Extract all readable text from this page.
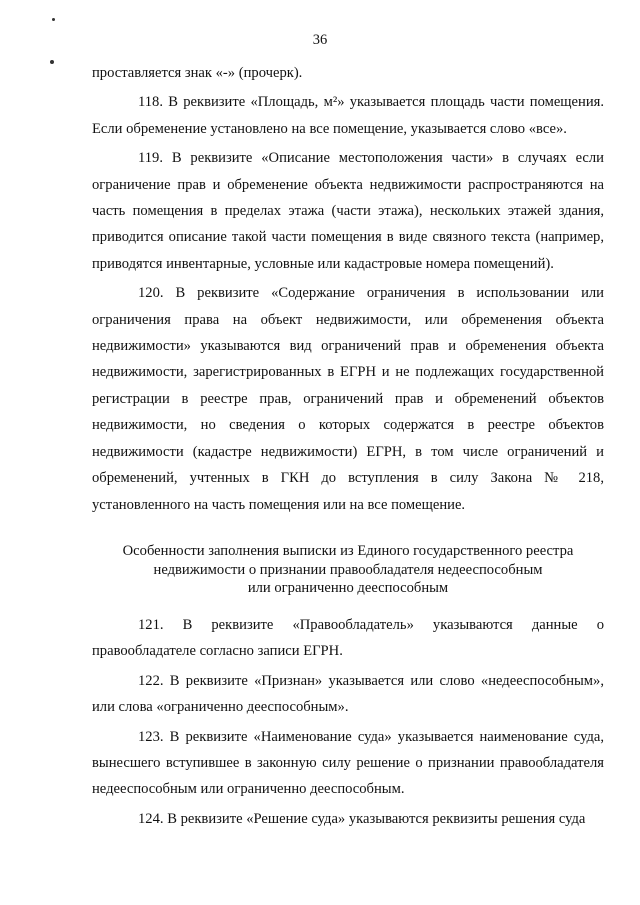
36

проставляется знак «-» (прочерк).

118. В реквизите «Площадь, м²» указывается площадь части помещения. Если обременение установлено на все помещение, указывается слово «все».

119. В реквизите «Описание местоположения части» в случаях если ограничение прав и обременение объекта недвижимости распространяются на часть помещения в пределах этажа (части этажа), нескольких этажей здания, приводится описание такой части помещения в виде связного текста (например, приводятся инвентарные, условные или кадастровые номера помещений).

120. В реквизите «Содержание ограничения в использовании или ограничения права на объект недвижимости, или обременения объекта недвижимости» указываются вид ограничений прав и обременения объекта недвижимости, зарегистрированных в ЕГРН и не подлежащих государственной регистрации в реестре прав, ограничений прав и обременений объектов недвижимости, но сведения о которых содержатся в реестре объектов недвижимости (кадастре недвижимости) ЕГРН, в том числе ограничений и обременений, учтенных в ГКН до вступления в силу Закона № 218, установленного на часть помещения или на все помещение.

Особенности заполнения выписки из Единого государственного реестра
недвижимости о признании правообладателя недееспособным
или ограниченно дееспособным

121. В реквизите «Правообладатель» указываются данные о правообладателе согласно записи ЕГРН.

122. В реквизите «Признан» указывается или слово «недееспособным», или слова «ограниченно дееспособным».

123. В реквизите «Наименование суда» указывается наименование суда, вынесшего вступившее в законную силу решение о признании правообладателя недееспособным или ограниченно дееспособным.

124. В реквизите «Решение суда» указываются реквизиты решения суда
